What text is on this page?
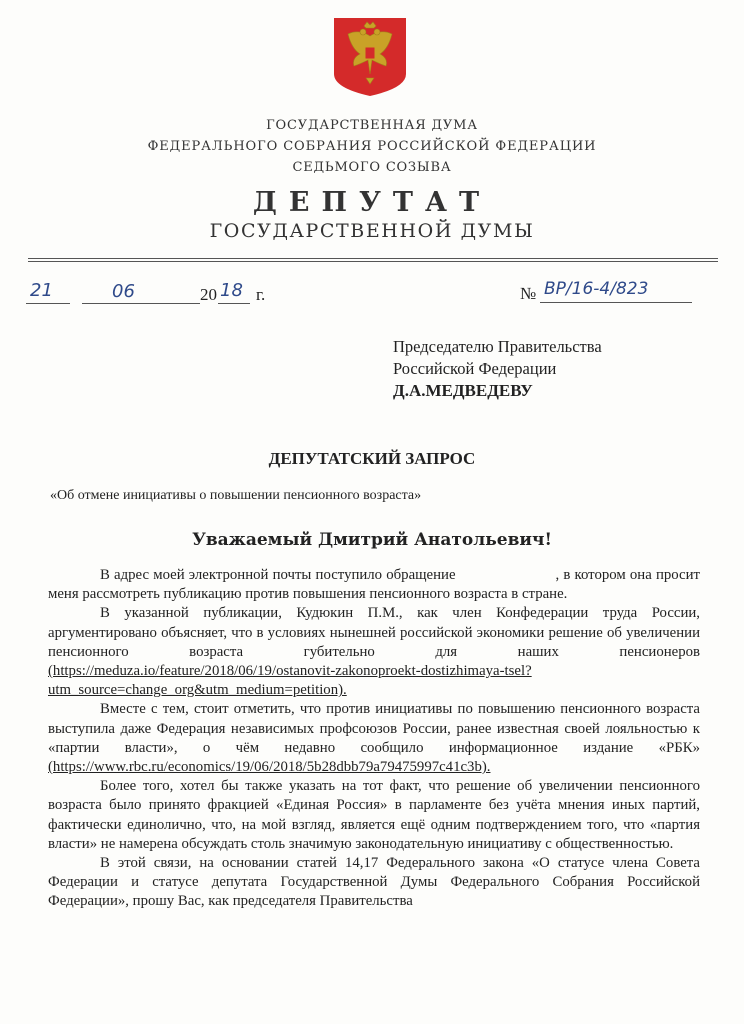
ГОСУДАРСТВЕННАЯ ДУМА
ФЕДЕРАЛЬНОГО СОБРАНИЯ РОССИЙСКОЙ ФЕДЕРАЦИИ
СЕДЬМОГО СОЗЫВА
ДЕПУТАТ
ГОСУДАРСТВЕННОЙ ДУМЫ
21	06	20 18 г.	№ ВР/16-4/823
Председателю Правительства
Российской Федерации
Д.А.МЕДВЕДЕВУ
ДЕПУТАТСКИЙ ЗАПРОС
«Об отмене инициативы о повышении пенсионного возраста»
Уважаемый Дмитрий Анатольевич!

В адрес моей электронной почты поступило обращение                        , в котором она просит меня рассмотреть публикацию против повышения пенсионного возраста в стране.

В указанной публикации, Кудюкин П.М., как член Конфедерации труда России, аргументировано объясняет, что в условиях нынешней российской экономики решение об увеличении пенсионного возраста губительно для наших пенсионеров (https://meduza.io/feature/2018/06/19/ostanovit-zakonoproekt-dostizhimaya-tsel?utm_source=change_org&utm_medium=petition).

Вместе с тем, стоит отметить, что против инициативы по повышению пенсионного возраста выступила даже Федерация независимых профсоюзов России, ранее известная своей лояльностью к «партии власти», о чём недавно сообщило информационное издание «РБК» (https://www.rbc.ru/economics/19/06/2018/5b28dbb79a79475997c41c3b).

Более того, хотел бы также указать на тот факт, что решение об увеличении пенсионного возраста было принято фракцией «Единая Россия» в парламенте без учёта мнения иных партий, фактически единолично, что, на мой взгляд, является ещё одним подтверждением того, что «партия власти» не намерена обсуждать столь значимую законодательную инициативу с общественностью.

В этой связи, на основании статей 14,17 Федерального закона «О статусе члена Совета Федерации и статусе депутата Государственной Думы Федерального Собрания Российской Федерации», прошу Вас, как председателя Правительства
